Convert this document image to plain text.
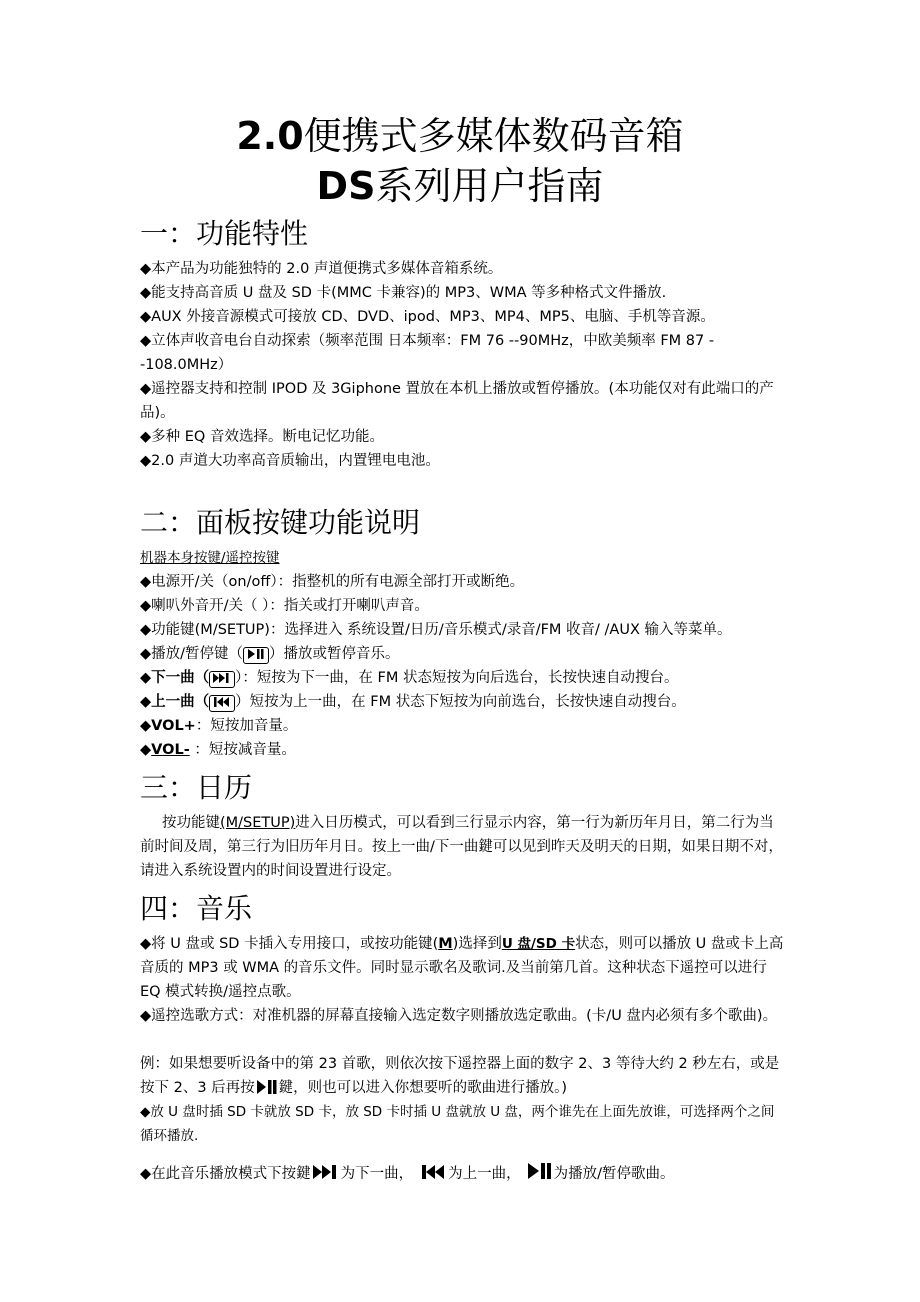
2.0便携式多媒体数码音箱
DS系列用户指南
一：功能特性

◆本产品为功能独特的 2.0 声道便携式多媒体音箱系统。

◆能支持高音质 U 盘及 SD 卡(MMC 卡兼容)的 MP3、WMA 等多种格式文件播放.

◆AUX 外接音源模式可接放 CD、DVD、ipod、MP3、MP4、MP5、电脑、手机等音源。

◆立体声收音电台自动探索（频率范围 日本频率：FM 76 --90MHz，中欧美频率 FM 87 --108.0MHz）

◆遥控器支持和控制 IPOD 及 3Giphone 置放在本机上播放或暂停播放。(本功能仅对有此端口的产品)。

◆多种 EQ 音效选择。断电记忆功能。

◆2.0 声道大功率高音质输出，内置锂电电池。

二：面板按键功能说明

机器本身按键/遥控按键

◆电源开/关（on/off）：指整机的所有电源全部打开或断绝。

◆喇叭外音开/关（ ）：指关或打开喇叭声音。

◆功能键(M/SETUP)：选择进入 系统设置/日历/音乐模式/录音/FM 收音/ /AUX 输入等菜单。

◆播放/暂停键（ ）播放或暂停音乐。

◆下一曲（ ）：短按为下一曲，在 FM 状态短按为向后选台，长按快速自动搜台。

◆上一曲（ ）短按为上一曲，在 FM 状态下短按为向前选台，长按快速自动搜台。

◆VOL+：短按加音量。

◆VOL- ：短按减音量。

三：日历

按功能键(M/SETUP)进入日历模式，可以看到三行显示内容，第一行为新历年月日，第二行为当前时间及周，第三行为旧历年月日。按上一曲/下一曲鍵可以见到昨天及明天的日期，如果日期不对，请进入系统设置内的时间设置进行设定。

四：音乐

◆将 U 盘或 SD 卡插入专用接口，或按功能键(M)选择到U 盘/SD 卡状态，则可以播放 U 盘或卡上高音质的 MP3 或 WMA 的音乐文件。同时显示歌名及歌词.及当前第几首。这种状态下遥控可以进行 EQ 模式转换/遥控点歌。

◆遥控选歌方式：对准机器的屏幕直接输入选定数字则播放选定歌曲。(卡/U 盘内必须有多个歌曲)。

例：如果想要听设备中的第 23 首歌，则依次按下遥控器上面的数字 2、3 等待大约 2 秒左右，或是按下 2、3 后再按 鍵，则也可以进入你想要听的歌曲进行播放。)

◆放 U 盘时插 SD 卡就放 SD 卡，放 SD 卡时插 U 盘就放 U 盘，两个谁先在上面先放谁，可选择两个之间循环播放.

◆在此音乐播放模式下按鍵 为下一曲， 为上一曲， 为播放/暂停歌曲。
